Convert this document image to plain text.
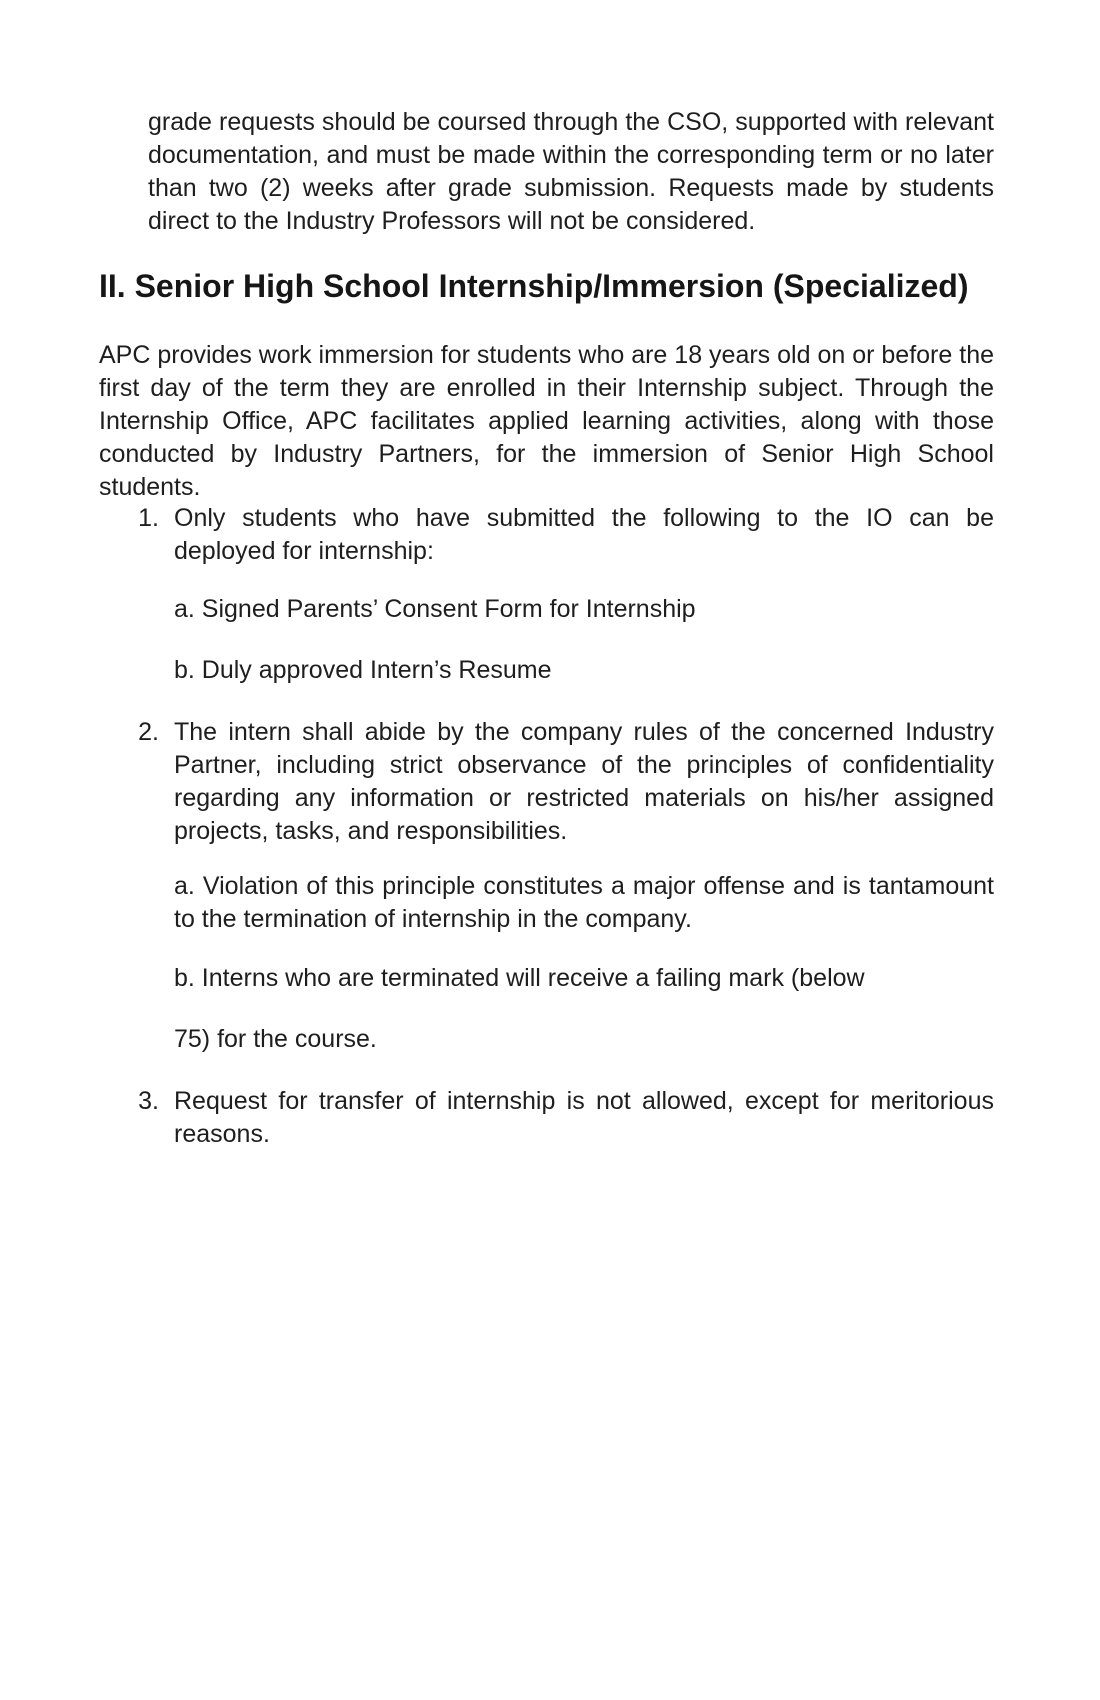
grade requests should be coursed through the CSO, supported with relevant documentation, and must be made within the corresponding term or no later than two (2) weeks after grade submission. Requests made by students direct to the Industry Professors will not be considered.

II. Senior High School Internship/Immersion (Specialized)

APC provides work immersion for students who are 18 years old on or before the first day of the term they are enrolled in their Internship subject. Through the Internship Office, APC facilitates applied learning activities, along with those conducted by Industry Partners, for the immersion of Senior High School students.

1. Only students who have submitted the following to the IO can be deployed for internship:

a. Signed Parents’ Consent Form for Internship

b. Duly approved Intern’s Resume

2. The intern shall abide by the company rules of the concerned Industry Partner, including strict observance of the principles of confidentiality regarding any information or restricted materials on his/her assigned projects, tasks, and responsibilities.

a. Violation of this principle constitutes a major offense and is tantamount to the termination of internship in the company.

b. Interns who are terminated will receive a failing mark (below

75) for the course.

3. Request for transfer of internship is not allowed, except for meritorious reasons.
